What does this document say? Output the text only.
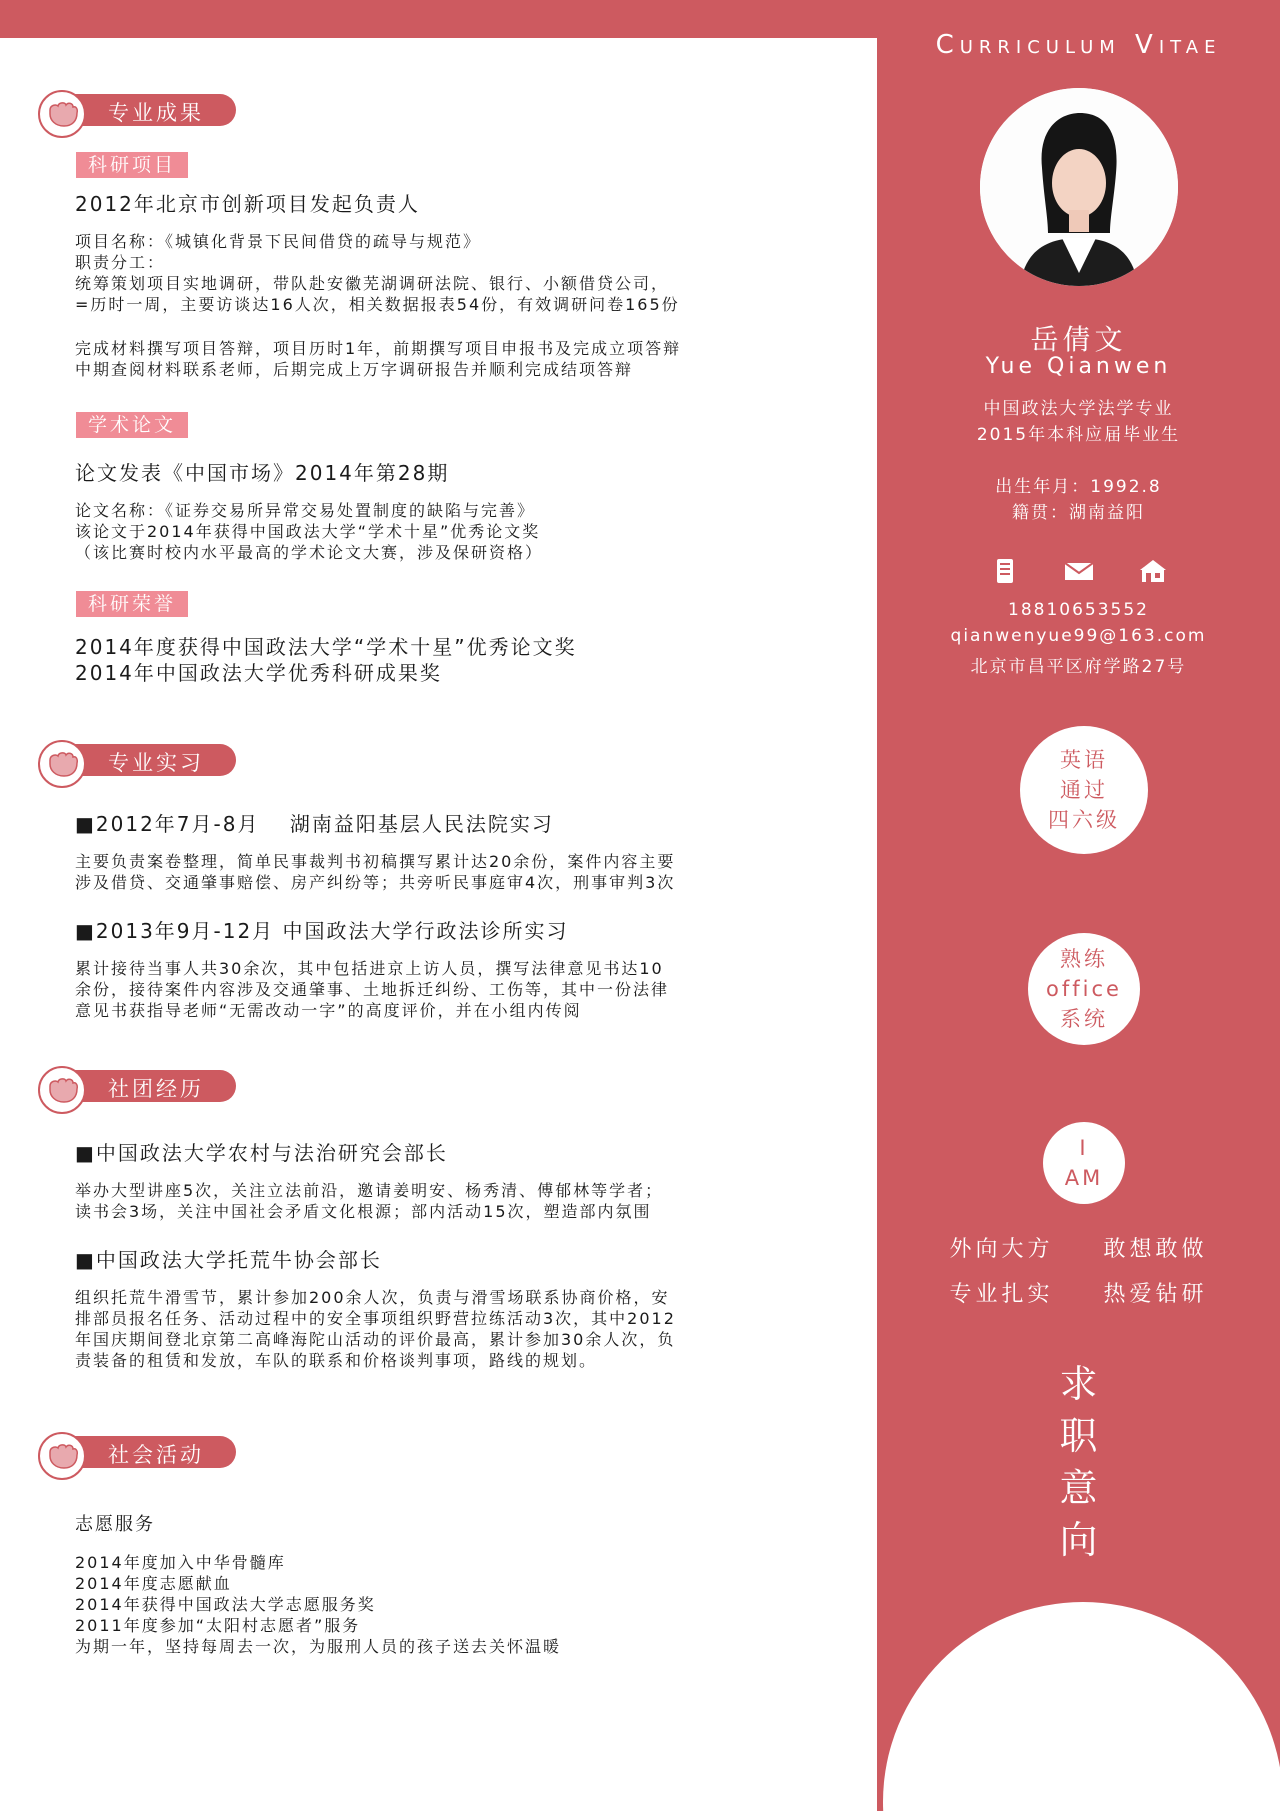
Curriculum Vitae
岳倩文
Yue Qianwen
中国政法大学法学专业
2015年本科应届毕业生
出生年月：1992.8
籍贯：湖南益阳
18810653552
qianwenyue99@163.com
北京市昌平区府学路27号
英语
通过
四六级
熟练
office
系统
I
AM
外向大方 敢想敢做
专业扎实 热爱钻研
求
职
意
向
专业成果
科研项目
2012年北京市创新项目发起负责人
项目名称：《城镇化背景下民间借贷的疏导与规范》
职责分工：
统筹策划项目实地调研，带队赴安徽芜湖调研法院、银行、小额借贷公司，
=历时一周，主要访谈达16人次，相关数据报表54份，有效调研问卷165份
完成材料撰写项目答辩，项目历时1年，前期撰写项目申报书及完成立项答辩
中期查阅材料联系老师，后期完成上万字调研报告并顺利完成结项答辩
学术论文
论文发表《中国市场》2014年第28期
论文名称：《证券交易所异常交易处置制度的缺陷与完善》
该论文于2014年获得中国政法大学“学术十星”优秀论文奖
（该比赛时校内水平最高的学术论文大赛，涉及保研资格）
科研荣誉
2014年度获得中国政法大学“学术十星”优秀论文奖
2014年中国政法大学优秀科研成果奖
专业实习
■2012年7月-8月　 湖南益阳基层人民法院实习
主要负责案卷整理，简单民事裁判书初稿撰写累计达20余份，案件内容主要
涉及借贷、交通肇事赔偿、房产纠纷等；共旁听民事庭审4次，刑事审判3次
■2013年9月-12月 中国政法大学行政法诊所实习
累计接待当事人共30余次，其中包括进京上访人员，撰写法律意见书达10
余份，接待案件内容涉及交通肇事、土地拆迁纠纷、工伤等，其中一份法律
意见书获指导老师“无需改动一字”的高度评价，并在小组内传阅
社团经历
■中国政法大学农村与法治研究会部长
举办大型讲座5次，关注立法前沿，邀请姜明安、杨秀清、傅郁林等学者；
读书会3场，关注中国社会矛盾文化根源；部内活动15次，塑造部内氛围
■中国政法大学托荒牛协会部长
组织托荒牛滑雪节，累计参加200余人次，负责与滑雪场联系协商价格，安
排部员报名任务、活动过程中的安全事项组织野营拉练活动3次，其中2012
年国庆期间登北京第二高峰海陀山活动的评价最高，累计参加30余人次，负
责装备的租赁和发放，车队的联系和价格谈判事项，路线的规划。
社会活动
志愿服务
2014年度加入中华骨髓库
2014年度志愿献血
2014年获得中国政法大学志愿服务奖
2011年度参加“太阳村志愿者”服务
为期一年，坚持每周去一次，为服刑人员的孩子送去关怀温暖
